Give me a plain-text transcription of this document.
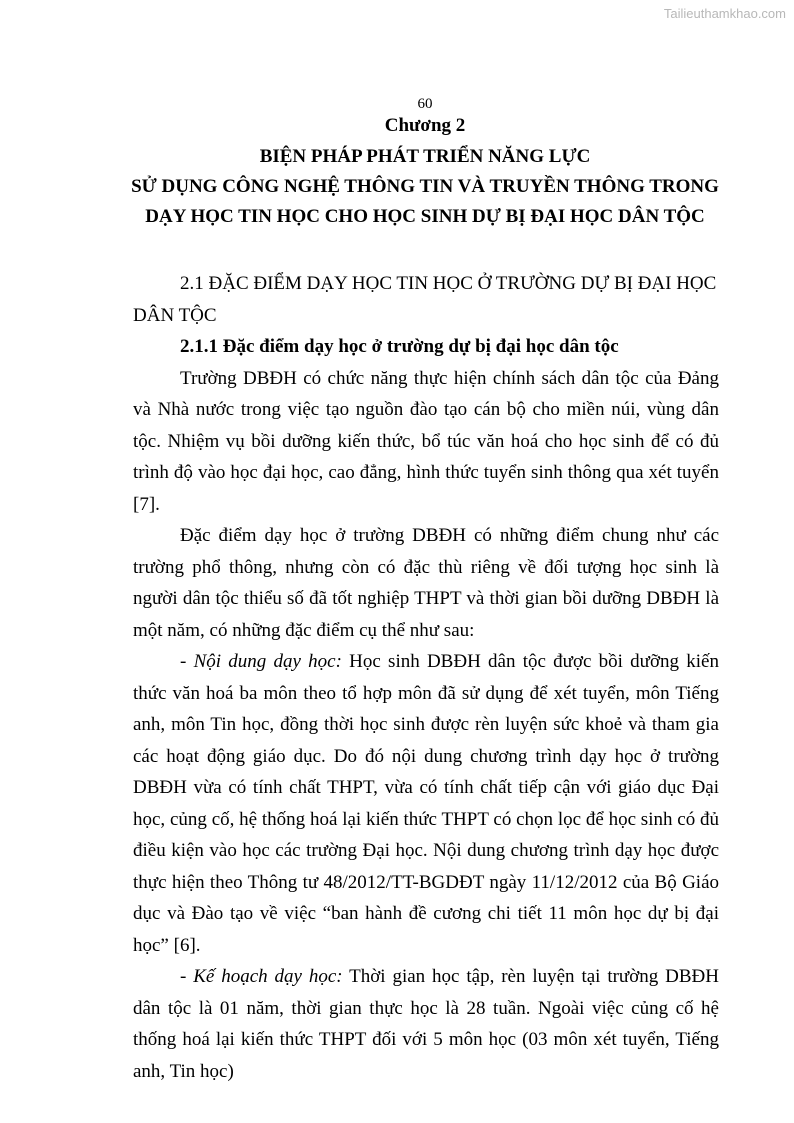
Tailieuthamkhao.com
60
Chương 2
BIỆN PHÁP PHÁT TRIỂN NĂNG LỰC
SỬ DỤNG CÔNG NGHỆ THÔNG TIN VÀ TRUYỀN THÔNG TRONG
DẠY HỌC TIN HỌC CHO HỌC SINH DỰ BỊ ĐẠI HỌC DÂN TỘC

2.1 ĐẶC ĐIỂM DẠY HỌC TIN HỌC Ở TRƯỜNG DỰ BỊ ĐẠI HỌC

DÂN TỘC

2.1.1 Đặc điểm dạy học ở trường dự bị đại học dân tộc

Trường DBĐH có chức năng thực hiện chính sách dân tộc của Đảng và Nhà nước trong việc tạo nguồn đào tạo cán bộ cho miền núi, vùng dân tộc. Nhiệm vụ bồi dưỡng kiến thức, bổ túc văn hoá cho học sinh để có đủ trình độ vào học đại học, cao đẳng, hình thức tuyển sinh thông qua xét tuyển [7].

Đặc điểm dạy học ở trường DBĐH có những điểm chung như các trường phổ thông, nhưng còn có đặc thù riêng về đối tượng học sinh là người dân tộc thiểu số đã tốt nghiệp THPT và thời gian bồi dưỡng DBĐH là một năm, có những đặc điểm cụ thể như sau:

- Nội dung dạy học: Học sinh DBĐH dân tộc được bồi dưỡng kiến thức văn hoá ba môn theo tổ hợp môn đã sử dụng để xét tuyển, môn Tiếng anh, môn Tin học, đồng thời học sinh được rèn luyện sức khoẻ và tham gia các hoạt động giáo dục. Do đó nội dung chương trình dạy học ở trường DBĐH vừa có tính chất THPT, vừa có tính chất tiếp cận với giáo dục Đại học, củng cố, hệ thống hoá lại kiến thức THPT có chọn lọc để học sinh có đủ điều kiện vào học các trường Đại học. Nội dung chương trình dạy học được thực hiện theo Thông tư 48/2012/TT-BGDĐT ngày 11/12/2012 của Bộ Giáo dục và Đào tạo về việc “ban hành đề cương chi tiết 11 môn học dự bị đại học” [6].

- Kế hoạch dạy học: Thời gian học tập, rèn luyện tại trường DBĐH dân tộc là 01 năm, thời gian thực học là 28 tuần. Ngoài việc củng cố hệ thống hoá lại kiến thức THPT đối với 5 môn học (03 môn xét tuyển, Tiếng anh, Tin học)
